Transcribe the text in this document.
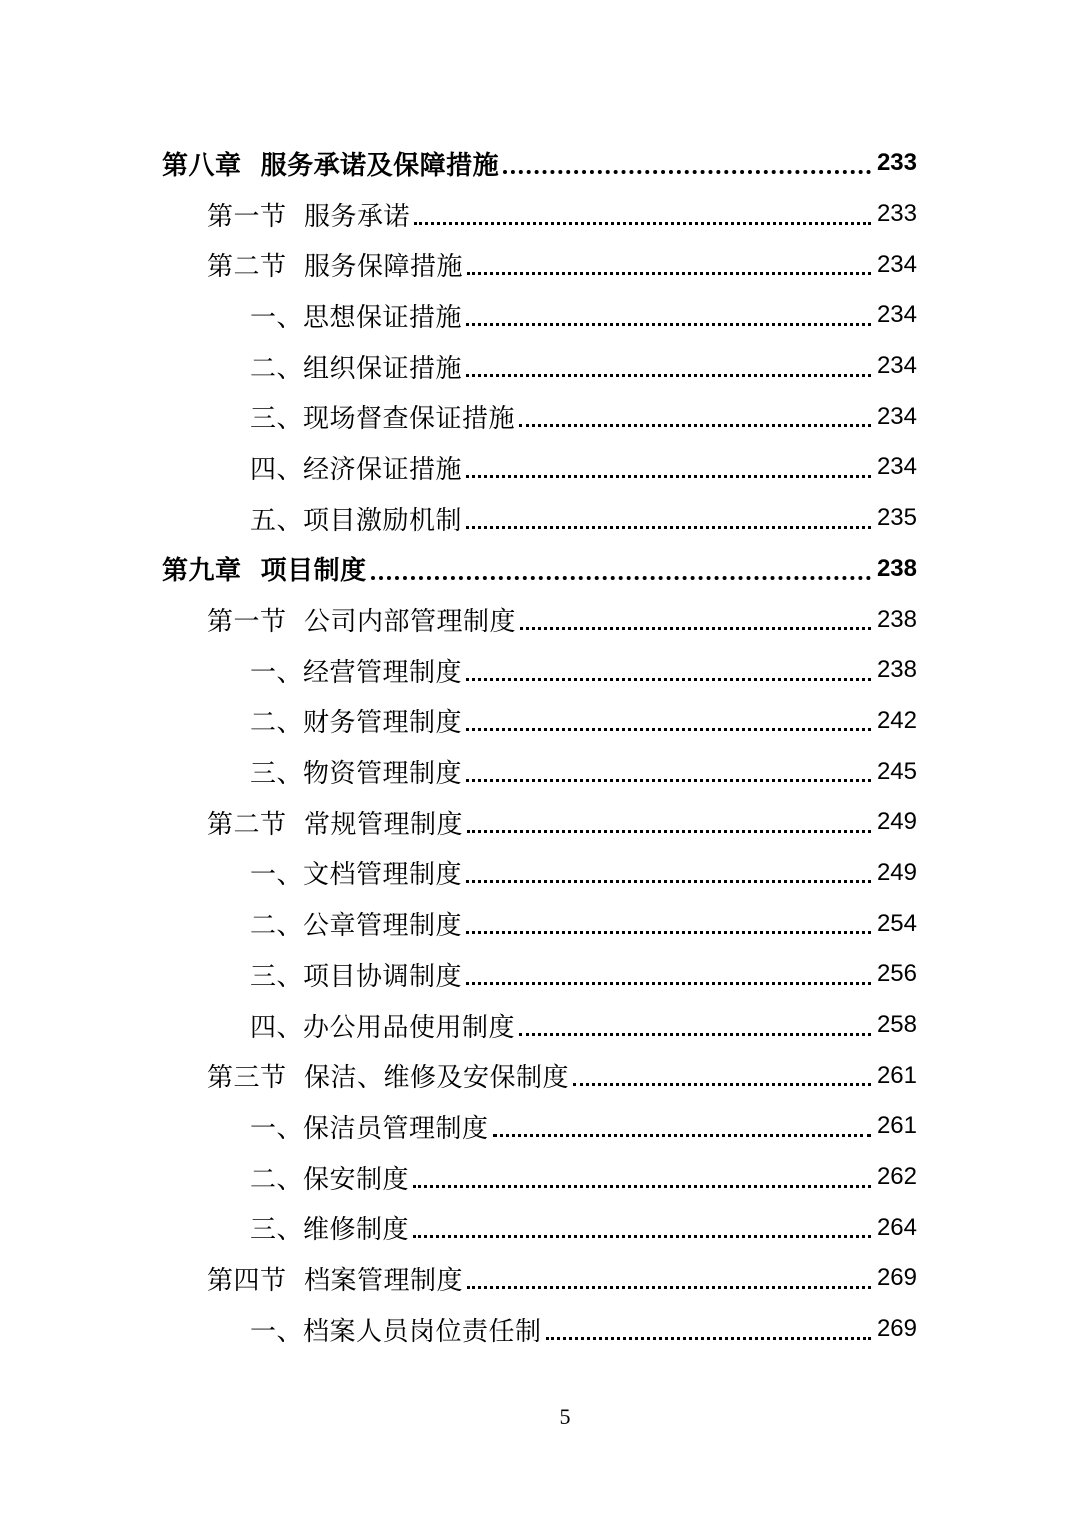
第八章  服务承诺及保障措施	233
第一节  服务承诺	233
第二节  服务保障措施	234
一、思想保证措施	234
二、组织保证措施	234
三、现场督查保证措施	234
四、经济保证措施	234
五、项目激励机制	235
第九章  项目制度	238
第一节  公司内部管理制度	238
一、经营管理制度	238
二、财务管理制度	242
三、物资管理制度	245
第二节  常规管理制度	249
一、文档管理制度	249
二、公章管理制度	254
三、项目协调制度	256
四、办公用品使用制度	258
第三节  保洁、维修及安保制度	261
一、保洁员管理制度	261
二、保安制度	262
三、维修制度	264
第四节  档案管理制度	269
一、档案人员岗位责任制	269
5
